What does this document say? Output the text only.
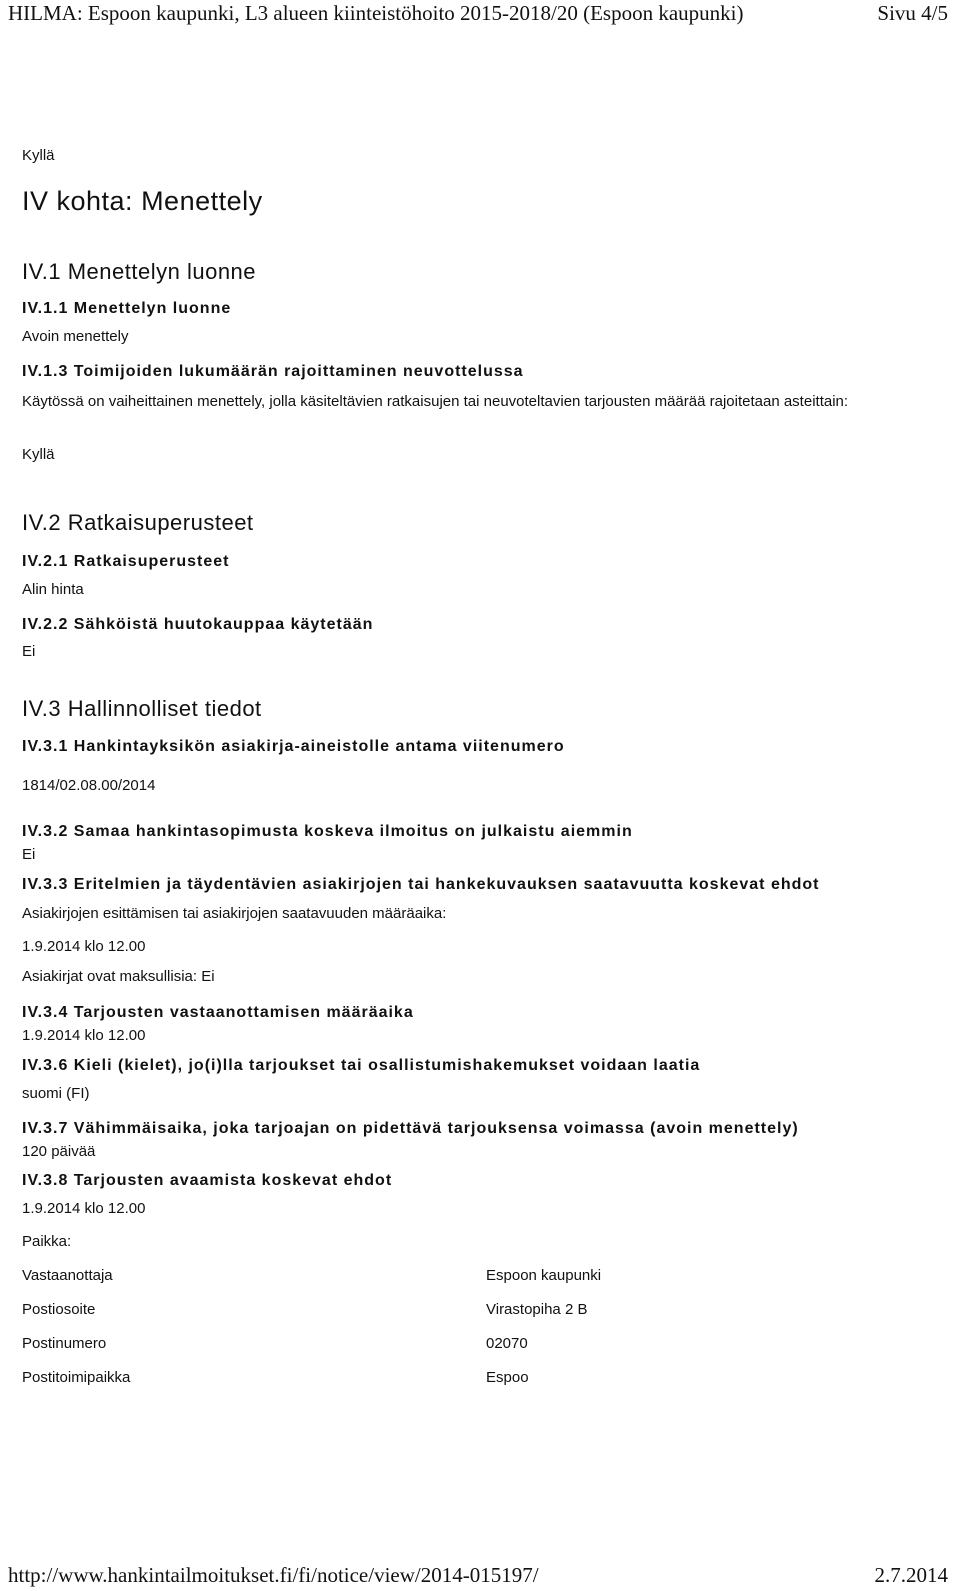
HILMA: Espoon kaupunki, L3 alueen kiinteistöhoito 2015-2018/20 (Espoon kaupunki)	Sivu 4/5
Kyllä
IV kohta: Menettely
IV.1 Menettelyn luonne
IV.1.1 Menettelyn luonne
Avoin menettely
IV.1.3 Toimijoiden lukumäärän rajoittaminen neuvottelussa
Käytössä on vaiheittainen menettely, jolla käsiteltävien ratkaisujen tai neuvoteltavien tarjousten määrää rajoitetaan asteittain:
Kyllä
IV.2 Ratkaisuperusteet
IV.2.1 Ratkaisuperusteet
Alin hinta
IV.2.2 Sähköistä huutokauppaa käytetään
Ei
IV.3 Hallinnolliset tiedot
IV.3.1 Hankintayksikön asiakirja-aineistolle antama viitenumero
1814/02.08.00/2014
IV.3.2 Samaa hankintasopimusta koskeva ilmoitus on julkaistu aiemmin
Ei
IV.3.3 Eritelmien ja täydentävien asiakirjojen tai hankekuvauksen saatavuutta koskevat ehdot
Asiakirjojen esittämisen tai asiakirjojen saatavuuden määräaika:
1.9.2014 klo 12.00
Asiakirjat ovat maksullisia: Ei
IV.3.4 Tarjousten vastaanottamisen määräaika
1.9.2014 klo 12.00
IV.3.6 Kieli (kielet), jo(i)lla tarjoukset tai osallistumishakemukset voidaan laatia
suomi (FI)
IV.3.7 Vähimmäisaika, joka tarjoajan on pidettävä tarjouksensa voimassa (avoin menettely)
120 päivää
IV.3.8 Tarjousten avaamista koskevat ehdot
1.9.2014 klo 12.00
Paikka:
Vastaanottaja	Espoon kaupunki
Postiosoite	Virastopiha 2 B
Postinumero	02070
Postitoimipaikka	Espoo
http://www.hankintailmoitukset.fi/fi/notice/view/2014-015197/	2.7.2014
